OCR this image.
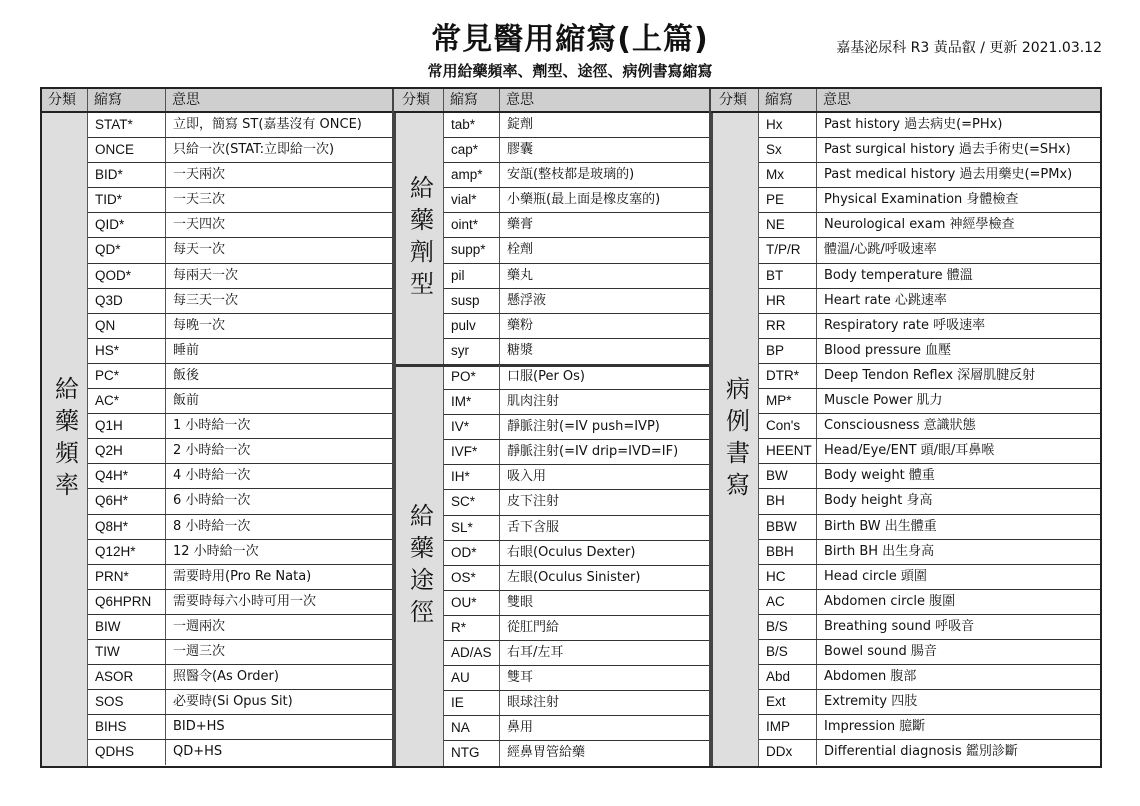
常見醫用縮寫(上篇)
常用給藥頻率、劑型、途徑、病例書寫縮寫
嘉基泌尿科 R3 黃品叡 / 更新 2021.03.12
分類	縮寫	意思
給藥頻率
STAT*	立即，簡寫 ST(嘉基沒有 ONCE)
ONCE	只給一次(STAT:立即給一次)
BID*	一天兩次
TID*	一天三次
QID*	一天四次
QD*	每天一次
QOD*	每兩天一次
Q3D	每三天一次
QN	每晚一次
HS*	睡前
PC*	飯後
AC*	飯前
Q1H	1 小時給一次
Q2H	2 小時給一次
Q4H*	4 小時給一次
Q6H*	6 小時給一次
Q8H*	8 小時給一次
Q12H*	12 小時給一次
PRN*	需要時用(Pro Re Nata)
Q6HPRN	需要時每六小時可用一次
BIW	一週兩次
TIW	一週三次
ASOR	照醫令(As Order)
SOS	必要時(Si Opus Sit)
BIHS	BID+HS
QDHS	QD+HS
分類	縮寫	意思
給藥劑型
tab*	錠劑
cap*	膠囊
amp*	安瓿(整枝都是玻璃的)
vial*	小藥瓶(最上面是橡皮塞的)
oint*	藥膏
supp*	栓劑
pil	藥丸
susp	懸浮液
pulv	藥粉
syr	糖漿
給藥途徑
PO*	口服(Per Os)
IM*	肌肉注射
IV*	靜脈注射(=IV push=IVP)
IVF*	靜脈注射(=IV drip=IVD=IF)
IH*	吸入用
SC*	皮下注射
SL*	舌下含服
OD*	右眼(Oculus Dexter)
OS*	左眼(Oculus Sinister)
OU*	雙眼
R*	從肛門給
AD/AS	右耳/左耳
AU	雙耳
IE	眼球注射
NA	鼻用
NTG	經鼻胃管給藥
分類	縮寫	意思
病例書寫
Hx	Past history 過去病史(=PHx)
Sx	Past surgical history 過去手術史(=SHx)
Mx	Past medical history 過去用藥史(=PMx)
PE	Physical Examination 身體檢查
NE	Neurological exam 神經學檢查
T/P/R	體溫/心跳/呼吸速率
BT	Body temperature 體溫
HR	Heart rate 心跳速率
RR	Respiratory rate 呼吸速率
BP	Blood pressure 血壓
DTR*	Deep Tendon Reflex 深層肌腱反射
MP*	Muscle Power 肌力
Con's	Consciousness 意識狀態
HEENT Head/Eye/ENT 頭/眼/耳鼻喉
BW	Body weight 體重
BH	Body height 身高
BBW	Birth BW 出生體重
BBH	Birth BH 出生身高
HC	Head circle 頭圍
AC	Abdomen circle 腹圍
B/S	Breathing sound 呼吸音
B/S	Bowel sound 腸音
Abd	Abdomen 腹部
Ext	Extremity 四肢
IMP	Impression 臆斷
DDx	Differential diagnosis 鑑別診斷
